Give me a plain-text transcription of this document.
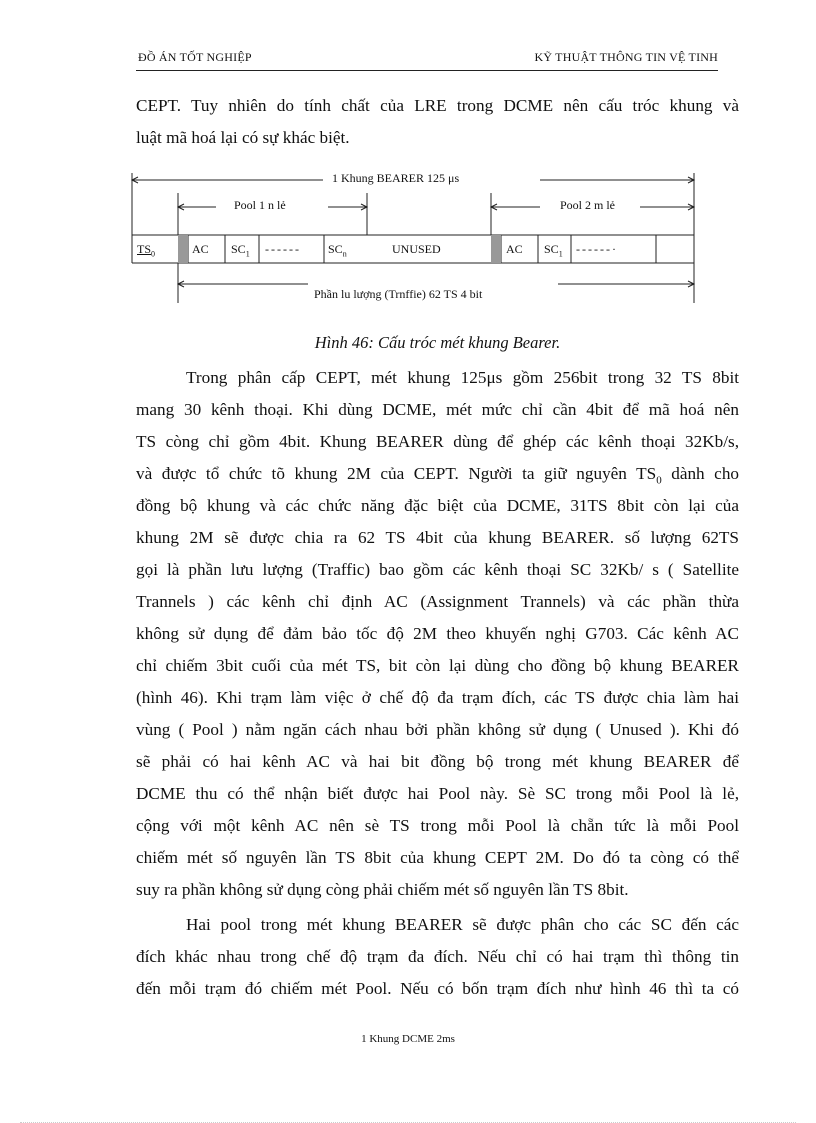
ĐỒ ÁN TỐT NGHIỆP	KỸ THUẬT THÔNG TIN VỆ TINH
CEPT. Tuy nhiên do tính chất của LRE trong DCME nên cấu tróc khung và
luật mã hoá lại có sự khác biệt.
1 Khung BEARER 125 μs
Pool 1 n lẻ	Pool 2 m lẻ
$TS_0$	AC $SC_1$ ------ $SC_n$	UNUSED	AC $SC_1$ ------·
Phần lu lượng (Trnffie) 62 TS 4 bit
Hình 46: Cấu tróc mét khung Bearer.
Trong phân cấp CEPT, mét khung 125μs gồm 256bit trong 32 TS 8bit
mang 30 kênh thoại. Khi dùng DCME, mét mức chỉ cần 4bit để mã hoá nên
TS còng chỉ gồm 4bit. Khung BEARER dùng để ghép các kênh thoại 32Kb/s,
và được tổ chức tõ khung 2M của CEPT. Người ta giữ nguyên $TS_0$ dành cho
đồng bộ khung và các chức năng đặc biệt của DCME, 31TS 8bit còn lại của
khung 2M sẽ được chia ra 62 TS 4bit của khung BEARER. số lượng 62TS
gọi là phần lưu lượng (Traffic) bao gồm các kênh thoại SC 32Kb/ s ( Satellite
Trannels ) các kênh chỉ định AC (Assignment Trannels) và các phần thừa
không sử dụng để đảm bảo tốc độ 2M theo khuyến nghị G703. Các kênh AC
chỉ chiếm 3bit cuối của mét TS, bit còn lại dùng cho đồng bộ khung BEARER
(hình 46). Khi trạm làm việc ở chế độ đa trạm đích, các TS được chia làm hai
vùng ( Pool ) nằm ngăn cách nhau bởi phần không sử dụng ( Unused ). Khi đó
sẽ phải có hai kênh AC và hai bit đồng bộ trong mét khung BEARER để
DCME thu có thể nhận biết được hai Pool này. Sè SC trong mỗi Pool là lẻ,
cộng với một kênh AC nên sè TS trong mỗi Pool là chẵn tức là mỗi Pool
chiếm mét số nguyên lần TS 8bit của khung CEPT 2M. Do đó ta còng có thể
suy ra phần không sử dụng còng phải chiếm mét số nguyên lần TS 8bit.
Hai pool trong mét khung BEARER sẽ được phân cho các SC đến các
đích khác nhau trong chế độ trạm đa đích. Nếu chỉ có hai trạm thì thông tin
đến mỗi trạm đó chiếm mét Pool. Nếu có bốn trạm đích như hình 46 thì ta có
1 Khung DCME 2ms
